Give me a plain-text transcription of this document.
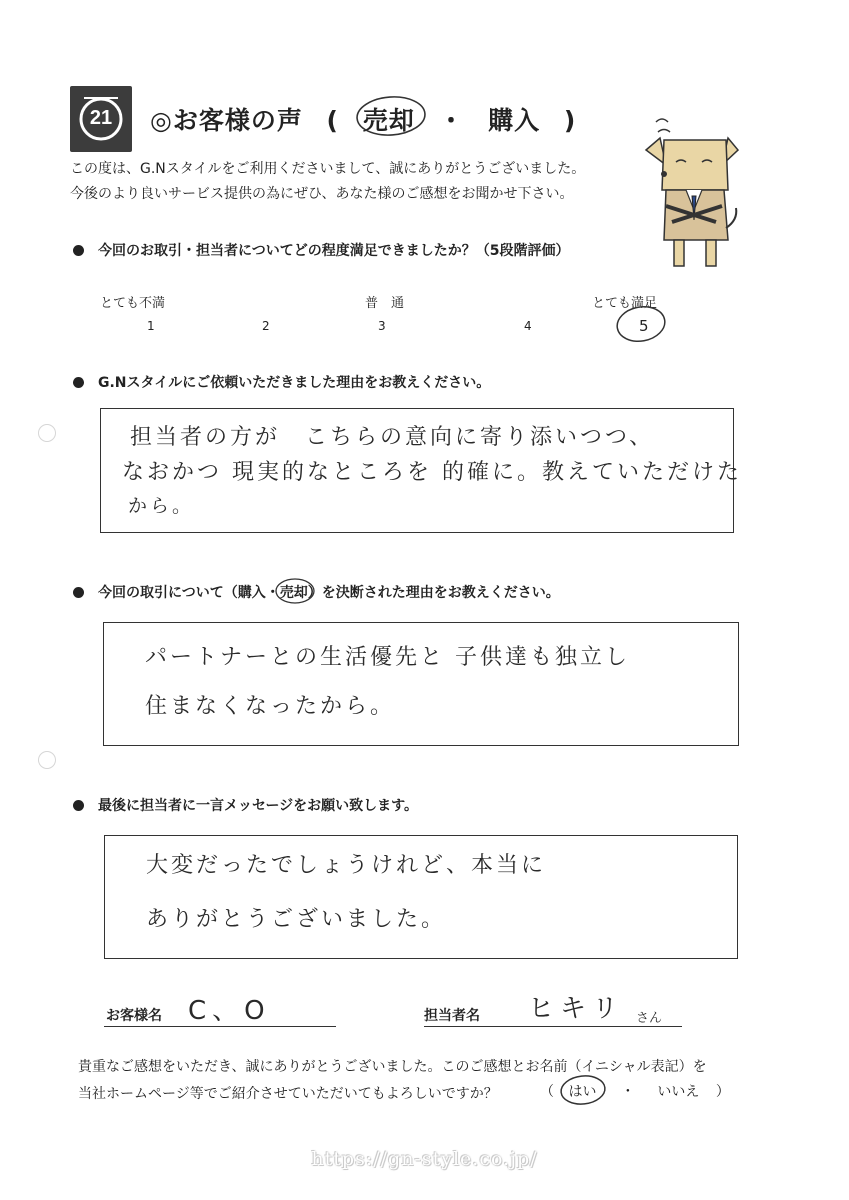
21	◎お客様の声 ( 売却 ・ 購入 )
この度は、G.Nスタイルをご利用くださいまして、誠にありがとうございました。
今後のより良いサービス提供の為にぜひ、あなた様のご感想をお聞かせ下さい。
今回のお取引・担当者についてどの程度満足できましたか？（5段階評価）
とても不満	普　通	とても満足
1	2	3	4	5
G.Nスタイルにご依頼いただきました理由をお教えください。
担当者の方が　こちらの意向に寄り添いつつ、
なおかつ 現実的なところを 的確に。教えていただけた
から。
今回の取引について（購入・売却
）を決断された理由をお教えください。
パートナーとの生活優先と 子供達も独立し
住まなくなったから。
最後に担当者に一言メッセージをお願い致します。
大変だったでしょうけれど、本当に
ありがとうございました。
お客様名 C、O	担当者名 ヒキリ さん
貴重なご感想をいただき、誠にありがとうございました。このご感想とお名前（イニシャル表記）を
当社ホームページ等でご紹介させていただいてもよろしいですか？	（ はい ・ いいえ ）
https://gn-style.co.jp/
